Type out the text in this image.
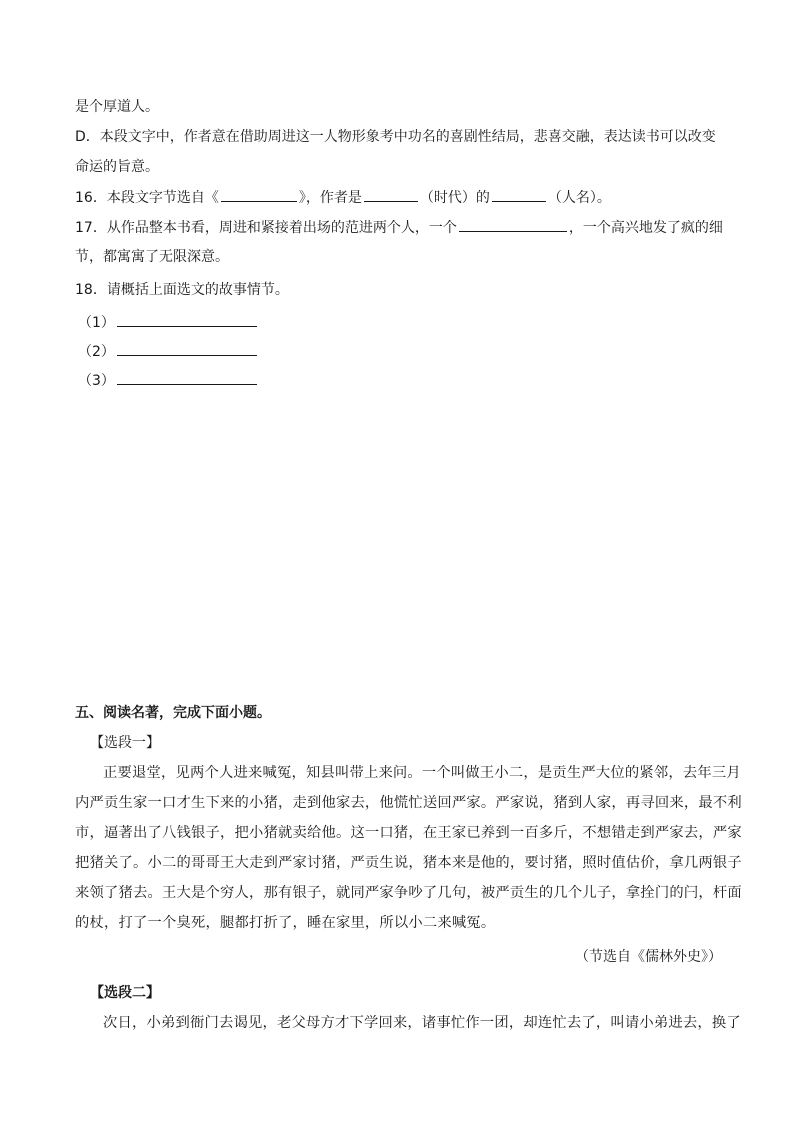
是个厚道人。
D．本段文字中，作者意在借助周进这一人物形象考中功名的喜剧性结局，悲喜交融，表达读书可以改变
命运的旨意。
16．本段文字节选自《	》，作者是	（时代）的	（人名）。
17．从作品整本书看，周进和紧接着出场的范进两个人，一个	，一个高兴地发了疯的细
节，都寓寓了无限深意。
18．请概括上面选文的故事情节。
（1）
（2）
（3）
五、阅读名著，完成下面小题。
【选段一】
正要退堂，见两个人进来喊冤，知县叫带上来问。一个叫做王小二，是贡生严大位的紧邻，去年三月
内严贡生家一口才生下来的小猪，走到他家去，他慌忙送回严家。严家说，猪到人家，再寻回来，最不利
市，逼著出了八钱银子，把小猪就卖给他。这一口猪，在王家已养到一百多斤，不想错走到严家去，严家
把猪关了。小二的哥哥王大走到严家讨猪，严贡生说，猪本来是他的，要讨猪，照时值估价，拿几两银子
来领了猪去。王大是个穷人，那有银子，就同严家争吵了几句，被严贡生的几个儿子，拿拴门的闩，杆面
的杖，打了一个臭死，腿都打折了，睡在家里，所以小二来喊冤。
（节选自《儒林外史》）
【选段二】
次日，小弟到衙门去谒见，老父母方才下学回来，诸事忙作一团，却连忙去了，叫请小弟进去，换了
